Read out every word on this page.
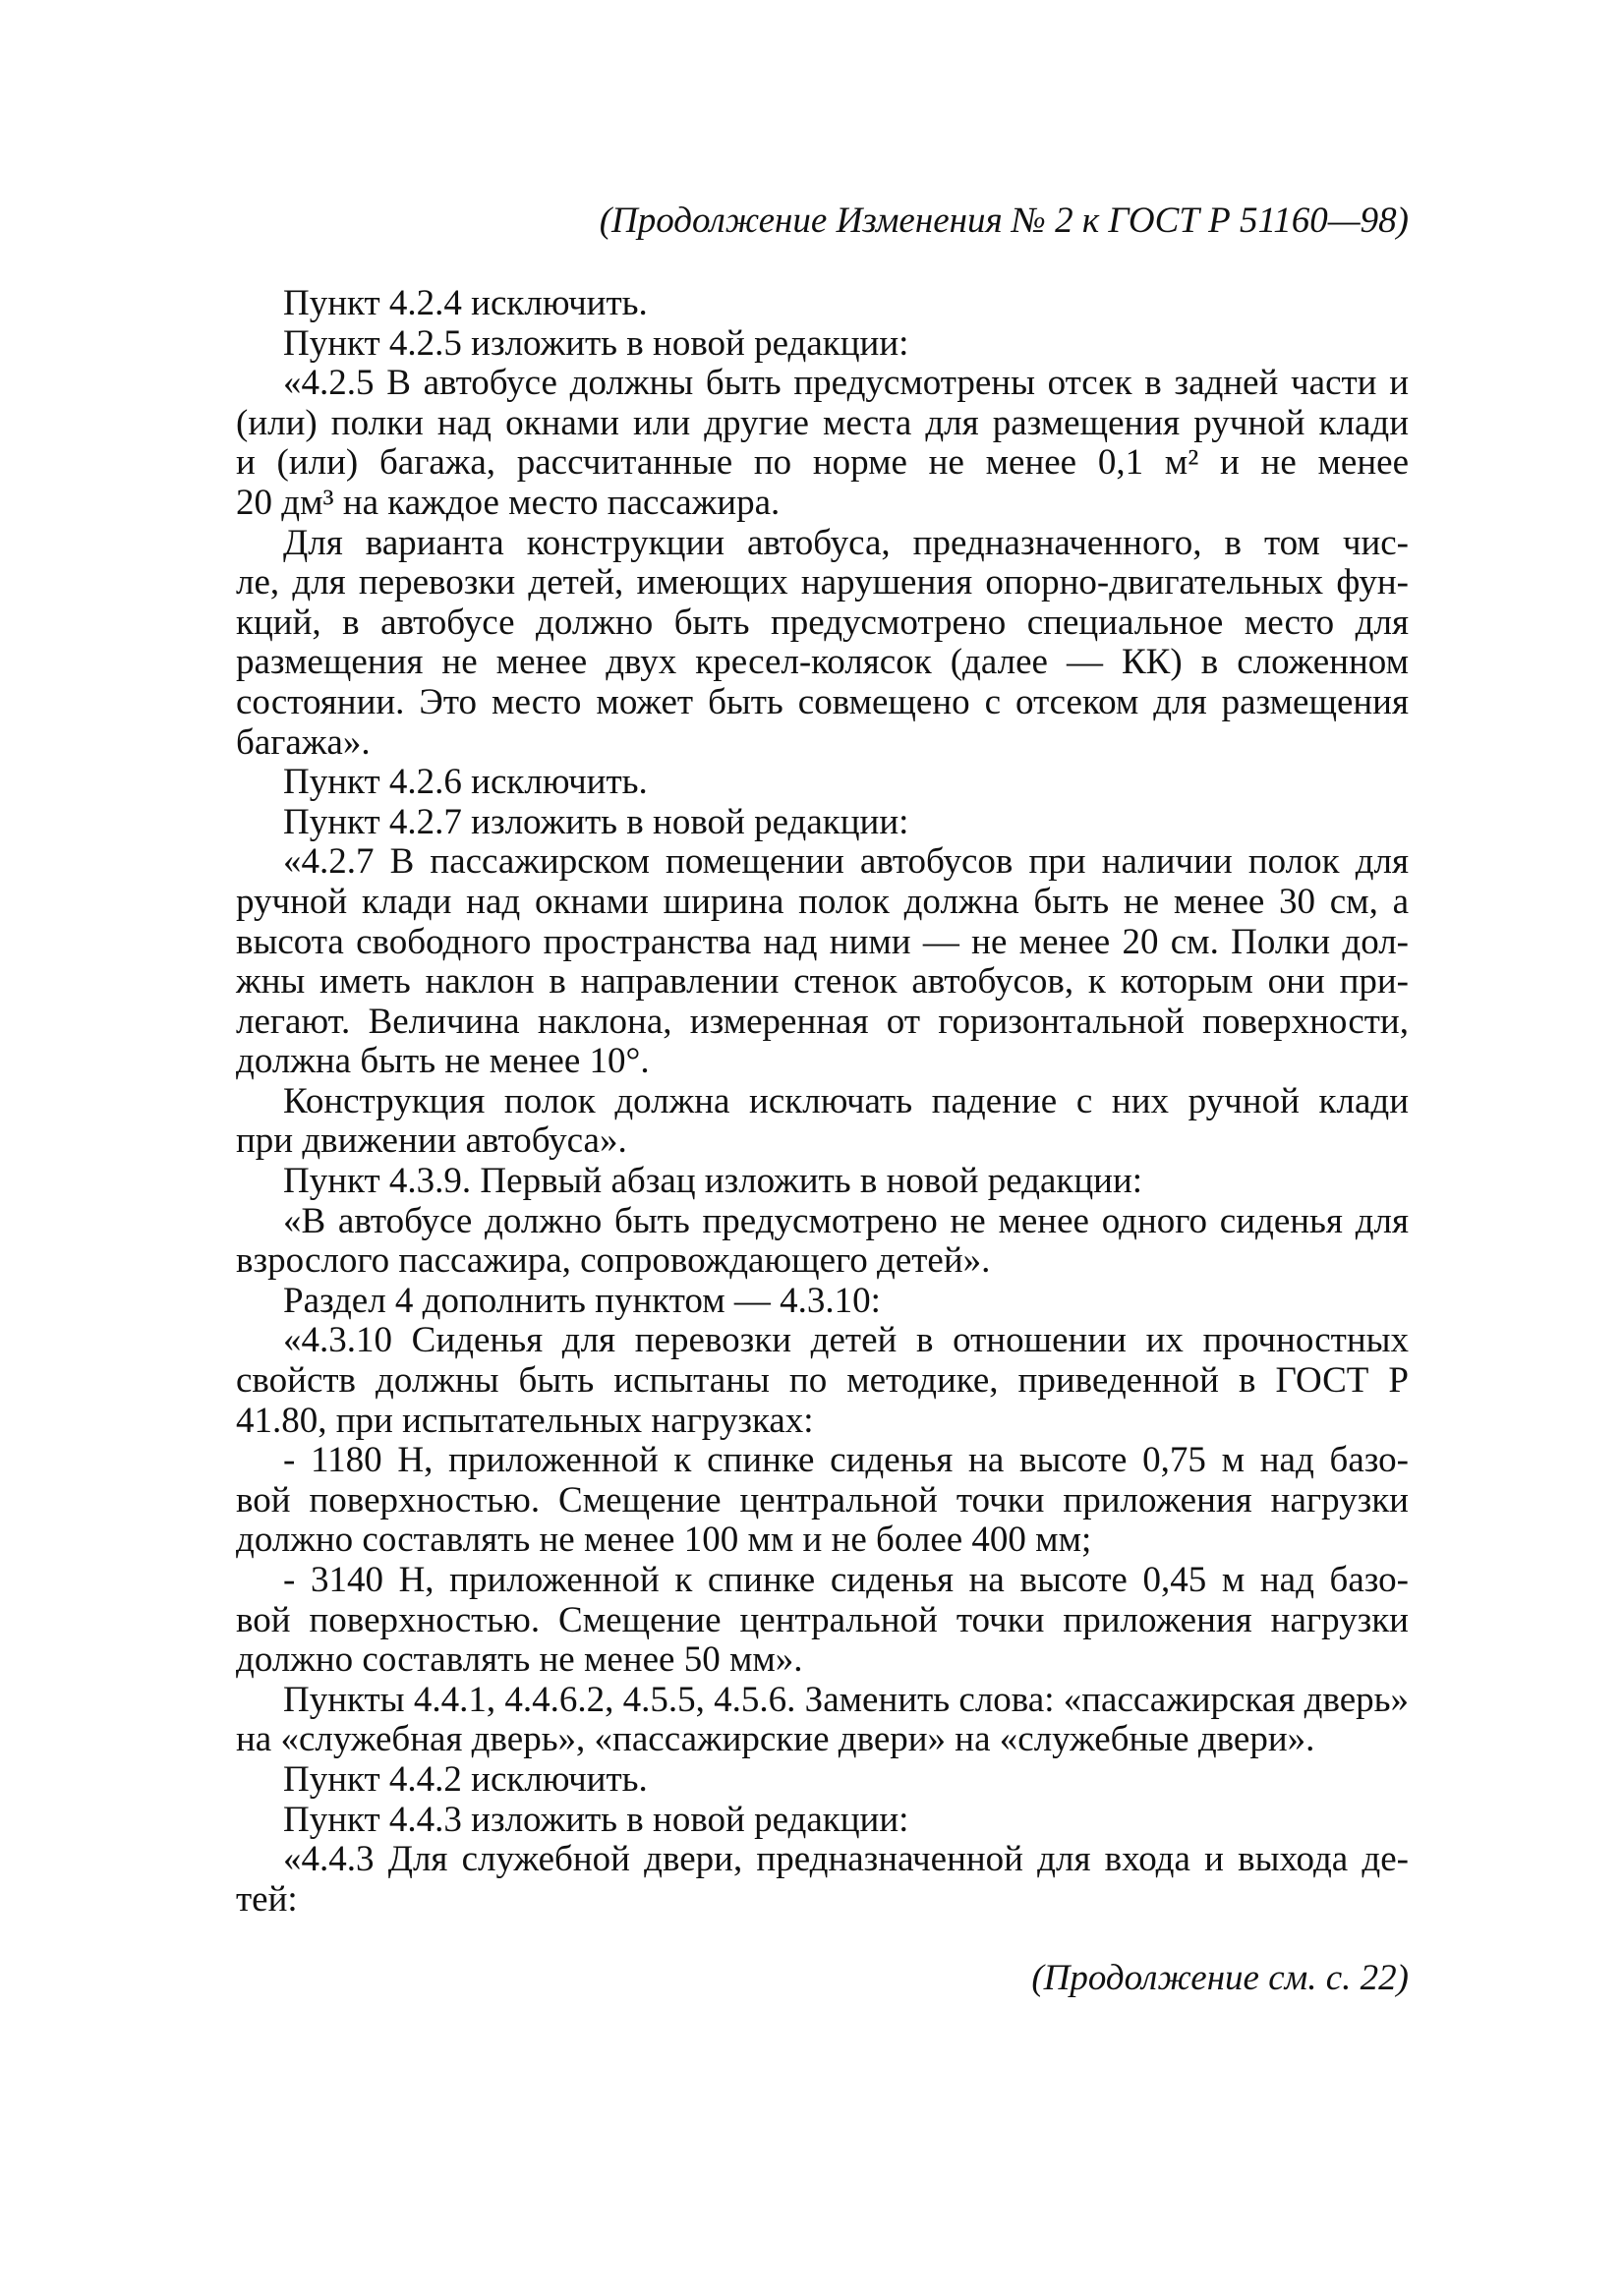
(Продолжение Изменения № 2 к ГОСТ Р 51160—98)
Пункт 4.2.4 исключить.
Пункт 4.2.5 изложить в новой редакции:
«4.2.5 В автобусе должны быть предусмотрены отсек в задней части и
(или) полки над окнами или другие места для размещения ручной клади
и (или) багажа, рассчитанные по норме не менее 0,1 м² и не менее
20 дм³ на каждое место пассажира.
Для варианта конструкции автобуса, предназначенного, в том чис-
ле, для перевозки детей, имеющих нарушения опорно-двигательных фун-
кций, в автобусе должно быть предусмотрено специальное место для
размещения не менее двух кресел-колясок (далее — КК) в сложенном
состоянии. Это место может быть совмещено с отсеком для размещения
багажа».
Пункт 4.2.6 исключить.
Пункт 4.2.7 изложить в новой редакции:
«4.2.7 В пассажирском помещении автобусов при наличии полок для
ручной клади над окнами ширина полок должна быть не менее 30 см, а
высота свободного пространства над ними — не менее 20 см. Полки дол-
жны иметь наклон в направлении стенок автобусов, к которым они при-
легают. Величина наклона, измеренная от горизонтальной поверхности,
должна быть не менее 10°.
Конструкция полок должна исключать падение с них ручной клади
при движении автобуса».
Пункт 4.3.9. Первый абзац изложить в новой редакции:
«В автобусе должно быть предусмотрено не менее одного сиденья для
взрослого пассажира, сопровождающего детей».
Раздел 4 дополнить пунктом — 4.3.10:
«4.3.10 Сиденья для перевозки детей в отношении их прочностных
свойств должны быть испытаны по методике, приведенной в ГОСТ Р
41.80, при испытательных нагрузках:
- 1180 Н, приложенной к спинке сиденья на высоте 0,75 м над базо-
вой поверхностью. Смещение центральной точки приложения нагрузки
должно составлять не менее 100 мм и не более 400 мм;
- 3140 Н, приложенной к спинке сиденья на высоте 0,45 м над базо-
вой поверхностью. Смещение центральной точки приложения нагрузки
должно составлять не менее 50 мм».
Пункты 4.4.1, 4.4.6.2, 4.5.5, 4.5.6. Заменить слова: «пассажирская дверь»
на «служебная дверь», «пассажирские двери» на «служебные двери».
Пункт 4.4.2 исключить.
Пункт 4.4.3 изложить в новой редакции:
«4.4.3 Для служебной двери, предназначенной для входа и выхода де-
тей:
(Продолжение см. с. 22)
